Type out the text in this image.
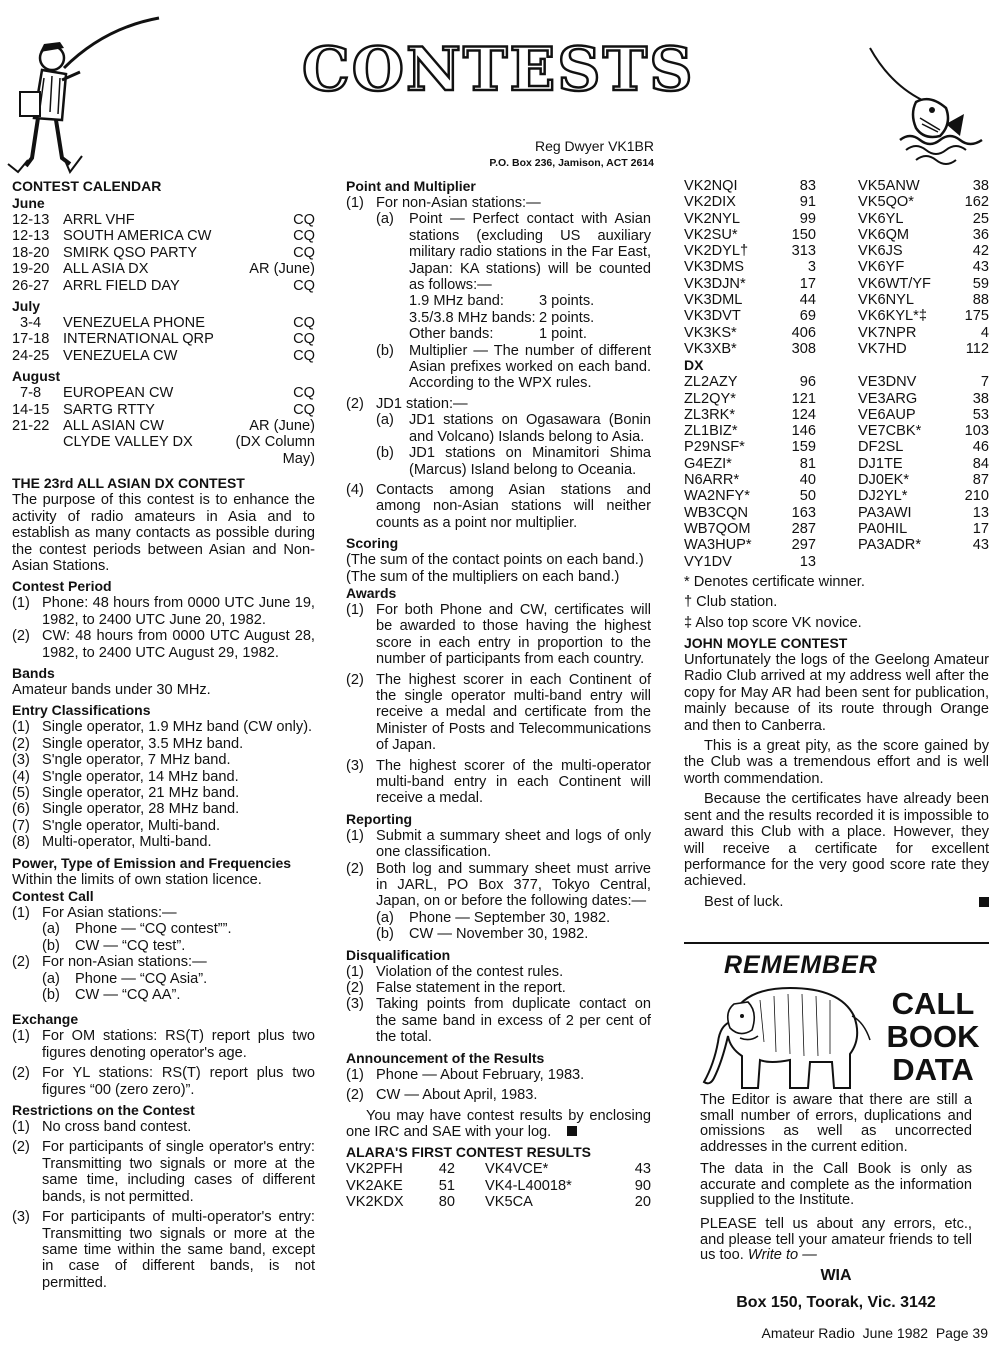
CONTESTS
Reg Dwyer VK1BR
P.O. Box 236, Jamison, ACT 2614
CONTEST CALENDAR
June
12-13 ARRL VHF	CQ
12-13 SOUTH AMERICA CW	CQ
18-20 SMIRK QSO PARTY	CQ
19-20 ALL ASIA DX	AR (June)
26-27 ARRL FIELD DAY	CQ
July
3-4	VENEZUELA PHONE	CQ
17-18 INTERNATIONAL QRP	CQ
24-25 VENEZUELA CW	CQ
August
7-8	EUROPEAN CW	CQ
14-15 SARTG RTTY	CQ
21-22 ALL ASIAN CW	AR (June)
CLYDE VALLEY DX	(DX Column
May)
THE 23rd ALL ASIAN DX CONTEST
The purpose of this contest is to enhance the activity of radio amateurs in Asia and to establish as many contacts as possible during the contest periods between Asian and Non-Asian Stations.
Contest Period
(1) Phone: 48 hours from 0000 UTC June 19, 1982, to 2400 UTC June 20, 1982.
(2) CW: 48 hours from 0000 UTC August 28, 1982, to 2400 UTC August 29, 1982.
Bands
Amateur bands under 30 MHz.
Entry Classifications
(1) Single operator, 1.9 MHz band (CW only).
(2) Single operator, 3.5 MHz band.
(3) S'ngle operator, 7 MHz band.
(4) S'ngle operator, 14 MHz band.
(5) Single operator, 21 MHz band.
(6) Single operator, 28 MHz band.
(7) S'ngle operator, Multi-band.
(8) Multi-operator, Multi-band.
Power, Type of Emission and Frequencies
Within the limits of own station licence.
Contest Call
(1) For Asian stations:—
(a)	Phone — “CQ contest””.
(b)	CW — “CQ test”.
(2) For non-Asian stations:—
(a)	Phone — “CQ Asia”.
(b)	CW — “CQ AA”.
Exchange
(1) For OM stations: RS(T) report plus two figures denoting operator's age.
(2) For YL stations: RS(T) report plus two figures “00 (zero zero)”.
Restrictions on the Contest
(1) No cross band contest.
(2) For participants of single operator's entry: Transmitting two signals or more at the same time, including cases of different bands, is not permitted.
(3) For participants of multi-operator's entry: Transmitting two signals or more at the same time within the same band, except in case of different bands, is not permitted.
Point and Multiplier
(1) For non-Asian stations:—
(a)	Point — Perfect contact with Asian stations (excluding US auxiliary military radio stations in the Far East, Japan: KA stations) will be counted as follows:—
1.9 MHz band:	3 points.
3.5/3.8 MHz bands: 2 points.
Other bands:	1 point.
(b)	Multiplier — The number of different Asian prefixes worked on each band. According to the WPX rules.
(2) JD1 station:—
(a)	JD1 stations on Ogasawara (Bonin and Volcano) Islands belong to Asia.
(b)	JD1 stations on Minamitori Shima (Marcus) Island belong to Oceania.
(4) Contacts among Asian stations and among non-Asian stations will neither counts as a point nor multiplier.
Scoring
(The sum of the contact points on each band.)
(The sum of the multipliers on each band.)
Awards
(1) For both Phone and CW, certificates will be awarded to those having the highest score in each entry in proportion to the number of participants from each country.
(2) The highest scorer in each Continent of the single operator multi-band entry will receive a medal and certificate from the Minister of Posts and Telecommunications of Japan.
(3) The highest scorer of the multi-operator multi-band entry in each Continent will receive a medal.
Reporting
(1) Submit a summary sheet and logs of only one classification.
(2) Both log and summary sheet must arrive in JARL, PO Box 377, Tokyo Central, Japan, on or before the following dates:—
(a)	Phone — September 30, 1982.
(b)	CW — November 30, 1982.
Disqualification
(1) Violation of the contest rules.
(2) False statement in the report.
(3) Taking points from duplicate contact on the same band in excess of 2 per cent of the total.
Announcement of the Results
(1) Phone — About February, 1983.
(2) CW — About April, 1983.
You may have contest results by enclosing one IRC and SAE with your log.
ALARA'S FIRST CONTEST RESULTS
VK2PFH	42	VK4VCE*	43
VK2AKE	51	VK4-L40018*	90
VK2KDX	80	VK5CA	20
VK2NQI	83		VK5ANW	38
VK2DIX	91		VK5QO*	162
VK2NYL	99		VK6YL	25
VK2SU*	150		VK6QM	36
VK2DYL†	313		VK6JS	42
VK3DMS	3		VK6YF	43
VK3DJN*	17		VK6WT/YF	59
VK3DML	44		VK6NYL	88
VK3DVT	69		VK6KYL*‡	175
VK3KS*	406		VK7NPR	4
VK3XB*	308		VK7HD	112
DX
ZL2AZY	96		VE3DNV	7
ZL2QY*	121		VE3ARG	38
ZL3RK*	124		VE6AUP	53
ZL1BIZ*	146		VE7CBK*	103
P29NSF*	159		DF2SL	46
G4EZI*	81		DJ1TE	84
N6ARR*	40		DJ0EK*	87
WA2NFY*	50		DJ2YL*	210
WB3CQN	163		PA3AWI	13
WB7QOM	287		PA0HIL	17
WA3HUP*	297		PA3ADR*	43
VY1DV	13			
* Denotes certificate winner.
† Club station.
‡ Also top score VK novice.
JOHN MOYLE CONTEST
Unfortunately the logs of the Geelong Amateur Radio Club arrived at my address well after the copy for May AR had been sent for publication, mainly because of its route through Orange and then to Canberra.
This is a great pity, as the score gained by the Club was a tremendous effort and is well worth commendation.
Because the certificates have already been sent and the results recorded it is impossible to award this Club with a place. However, they will receive a certificate for excellent performance for the very good score rate they achieved.
Best of luck.
REMEMBER
CALL
BOOK
DATA
The Editor is aware that there are still a small number of errors, duplications and omissions as well as uncorrected addresses in the current edition.
The data in the Call Book is only as accurate and complete as the information supplied to the Institute.
PLEASE tell us about any errors, etc., and please tell your amateur friends to tell us too. Write to —
WIA
Box 150, Toorak, Vic. 3142
Amateur Radio  June 1982  Page 39
